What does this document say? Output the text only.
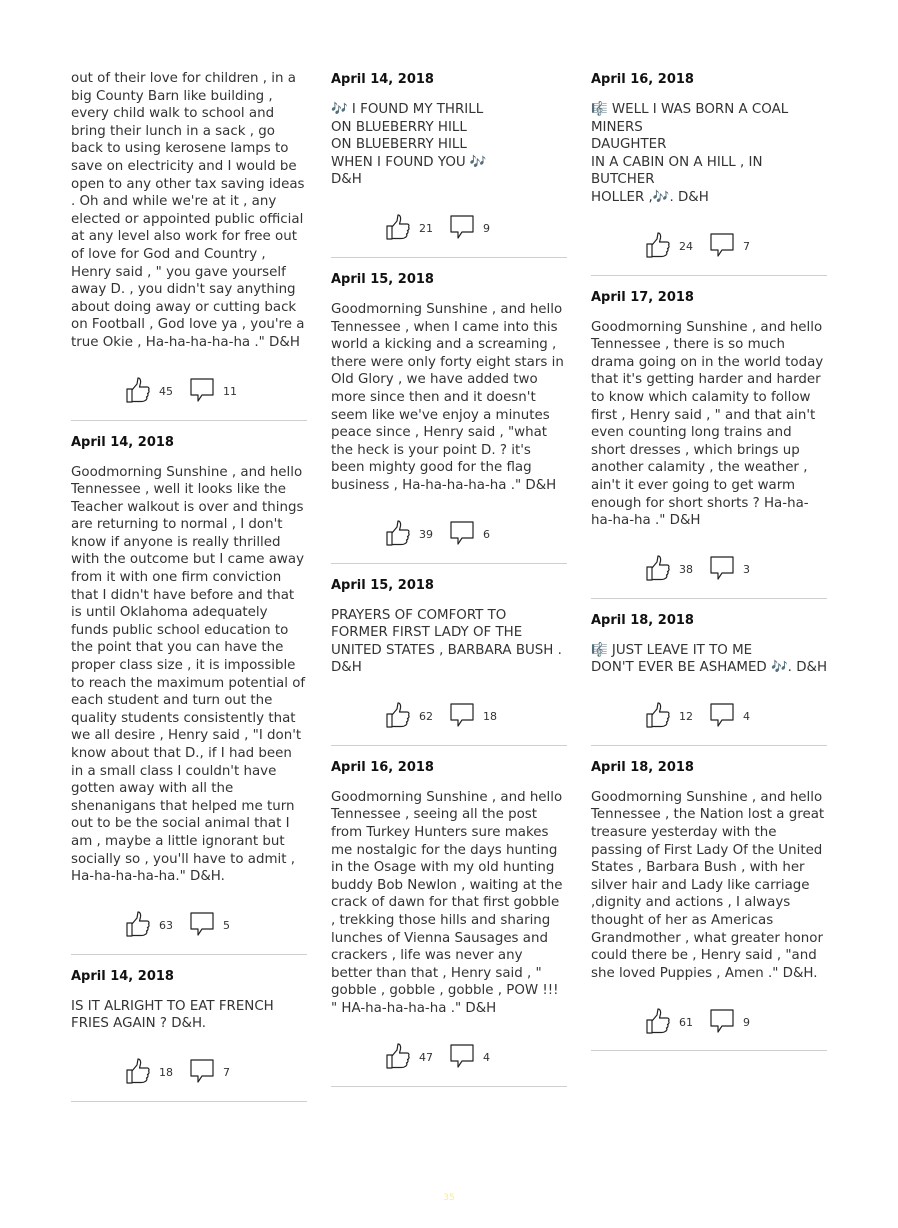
out of their love for children , in a big County Barn like building , every child walk to school and bring their lunch in a sack , go back to using kerosene lamps to save on electricity and I would be open to any other tax saving ideas . Oh and while we're at it , any elected or appointed public official at any level also work for free out of love for God and Country , Henry said , " you gave yourself away D. , you didn't say anything about doing away or cutting back on Football , God love ya , you're a true Okie , Ha-ha-ha-ha-ha ." D&H
45	11
April 14, 2018
Goodmorning Sunshine , and hello Tennessee , well it looks like the Teacher walkout is over and things are returning to normal , I don't know if anyone is really thrilled with the outcome but I came away from it with one firm conviction that I didn't have before and that is until Oklahoma adequately funds public school education to the point that you can have the proper class size , it is impossible to reach the maximum potential of each student and turn out the quality students consistently that we all desire , Henry said , "I don't know about that D., if I had been in a small class I couldn't have gotten away with all the shenanigans that helped me turn out to be the social animal that I am , maybe a little ignorant but socially so , you'll have to admit , Ha-ha-ha-ha-ha." D&H.
63	5
April 14, 2018
IS IT ALRIGHT TO EAT FRENCH FRIES AGAIN ? D&H.
18	7
April 14, 2018
🎶 I FOUND MY THRILL
ON BLUEBERRY HILL
ON BLUEBERRY HILL
WHEN I FOUND YOU 🎶
D&H
21	9
April 15, 2018
Goodmorning Sunshine , and hello Tennessee , when I came into this world a kicking and a screaming , there were only forty eight stars in Old Glory , we have added two more since then and it doesn't seem like we've enjoy a minutes peace since , Henry said , "what the heck is your point D. ? it's been mighty good for the flag business , Ha-ha-ha-ha-ha ." D&H
39	6
April 15, 2018
PRAYERS OF COMFORT TO FORMER FIRST LADY OF THE UNITED STATES , BARBARA BUSH . D&H
62	18
April 16, 2018
Goodmorning Sunshine , and hello Tennessee , seeing all the post from Turkey Hunters sure makes me nostalgic for the days hunting in the Osage with my old hunting buddy Bob Newlon , waiting at the crack of dawn for that first gobble , trekking those hills and sharing lunches of Vienna Sausages and crackers , life was never any better than that , Henry said , " gobble , gobble , gobble , POW !!! " HA-ha-ha-ha-ha ." D&H
47	4
April 16, 2018
🎼 WELL I WAS BORN A COAL MINERS
DAUGHTER
IN A CABIN ON A HILL , IN BUTCHER
HOLLER ,🎶. D&H
24	7
April 17, 2018
Goodmorning Sunshine , and hello Tennessee , there is so much drama going on in the world today that it's getting harder and harder to know which calamity to follow first , Henry said , " and that ain't even counting long trains and short dresses , which brings up another calamity , the weather , ain't it ever going to get warm enough for short shorts ? Ha-ha-ha-ha-ha ." D&H
38	3
April 18, 2018
🎼 JUST LEAVE IT TO ME
DON'T EVER BE ASHAMED 🎶. D&H
12	4
April 18, 2018
Goodmorning Sunshine , and hello Tennessee , the Nation lost a great treasure yesterday with the passing of First Lady Of the United States , Barbara Bush , with her silver hair and Lady like carriage ,dignity and actions , I always thought of her as Americas Grandmother , what greater honor could there be , Henry said , "and she loved Puppies , Amen ." D&H.
61	9
35
